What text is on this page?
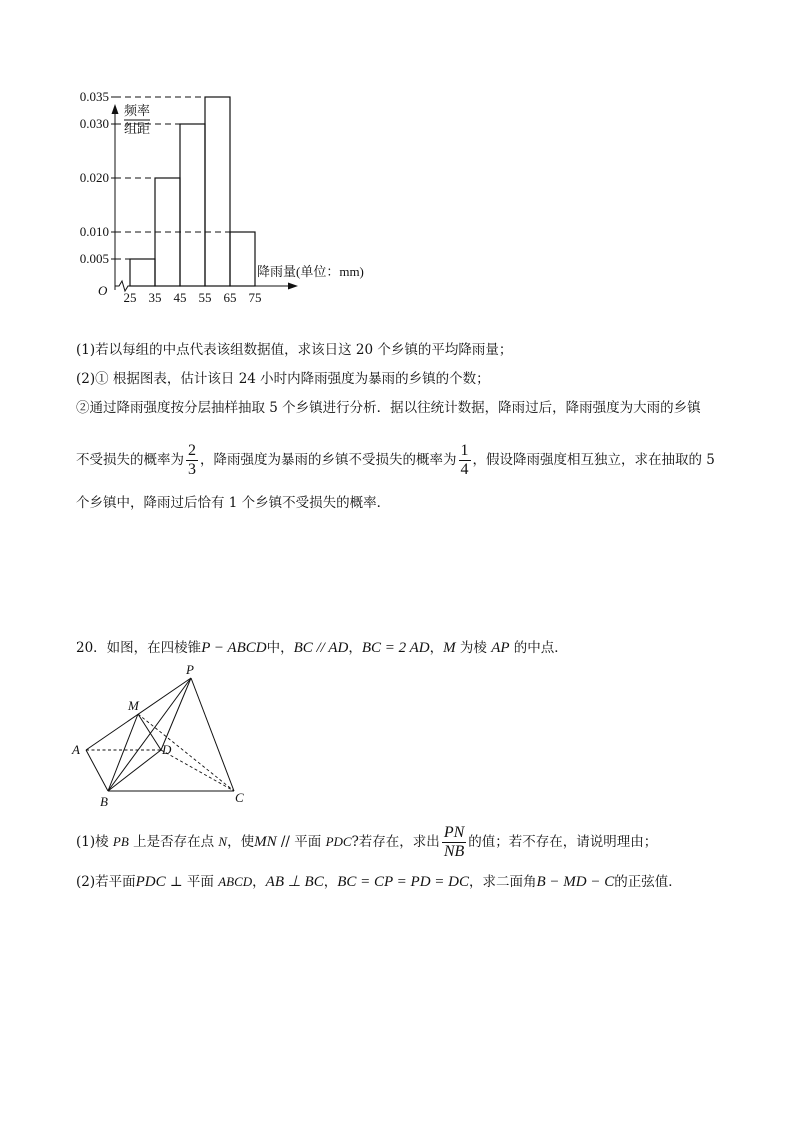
频率
组距
O
0.035
0.030
0.020
0.010
0.005
25 35 45 55 65 75
降雨量(单位：mm)
(1)若以每组的中点代表该组数据值，求该日这 20 个乡镇的平均降雨量；
(2)① 根据图表，估计该日 24 小时内降雨强度为暴雨的乡镇的个数；
②通过降雨强度按分层抽样抽取 5 个乡镇进行分析．据以往统计数据，降雨过后，降雨强度为大雨的乡镇
不受损失的概率为 $\frac{2}{3}$ ，降雨强度为暴雨的乡镇不受损失的概率为 $\frac{1}{4}$ ，假设降雨强度相互独立，求在抽取的 5
个乡镇中，降雨过后恰有 1 个乡镇不受损失的概率．
20．如图，在四棱锥P − ABCD中，BC // AD，BC = 2 AD，M 为棱 AP 的中点．
P
M
A	D
B	C
(1)棱 PB 上是否存在点 N，使MN // 平面 PDC?若存在，求出 $\frac{PN}{NB}$ 的值；若不存在，请说明理由；
(2)若平面PDC ⊥ 平面 ABCD，AB ⊥ BC，BC = CP = PD = DC，求二面角B − MD − C的正弦值．
